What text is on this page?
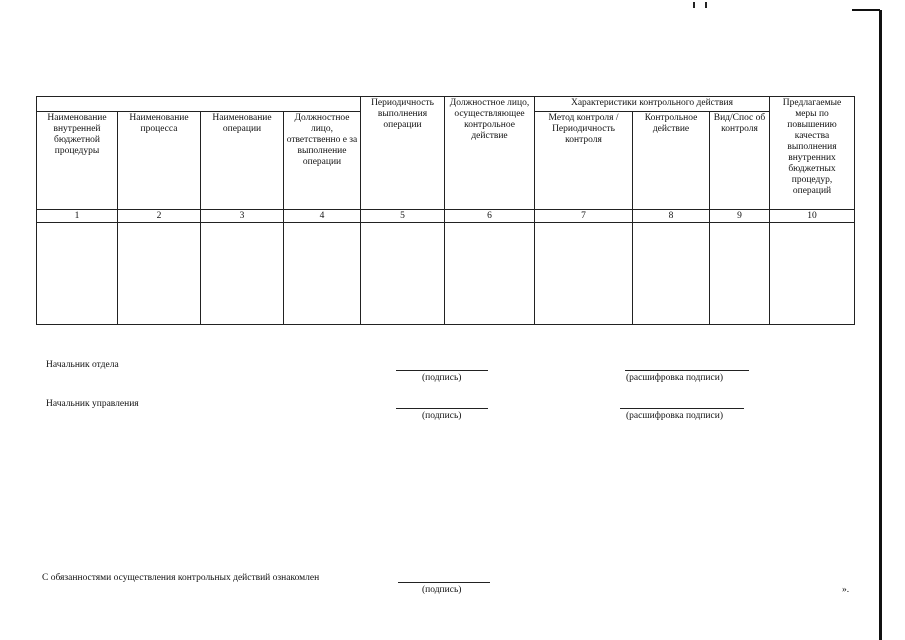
				Периодичность выполнения операции	Должностное лицо, осуществляющее контрольное действие	Характеристики контрольного действия			Предлагаемые меры по повышению качества выполнения внутренних бюджетных процедур, операций
Наименование внутренней бюджетной процедуры	Наименование процесса	Наименование операции	Должностное лицо, ответственно е за выполнение операции			Метод контроля / Периодичность контроля	Контрольное действие	Вид/Спос об контроля	
1	2	3	4	5	6	7	8	9	10

Начальник отдела
(подпись)	(расшифровка подписи)
Начальник управления
(подпись)	(расшифровка подписи)
С обязанностями осуществления контрольных действий ознакомлен
(подпись)	».
